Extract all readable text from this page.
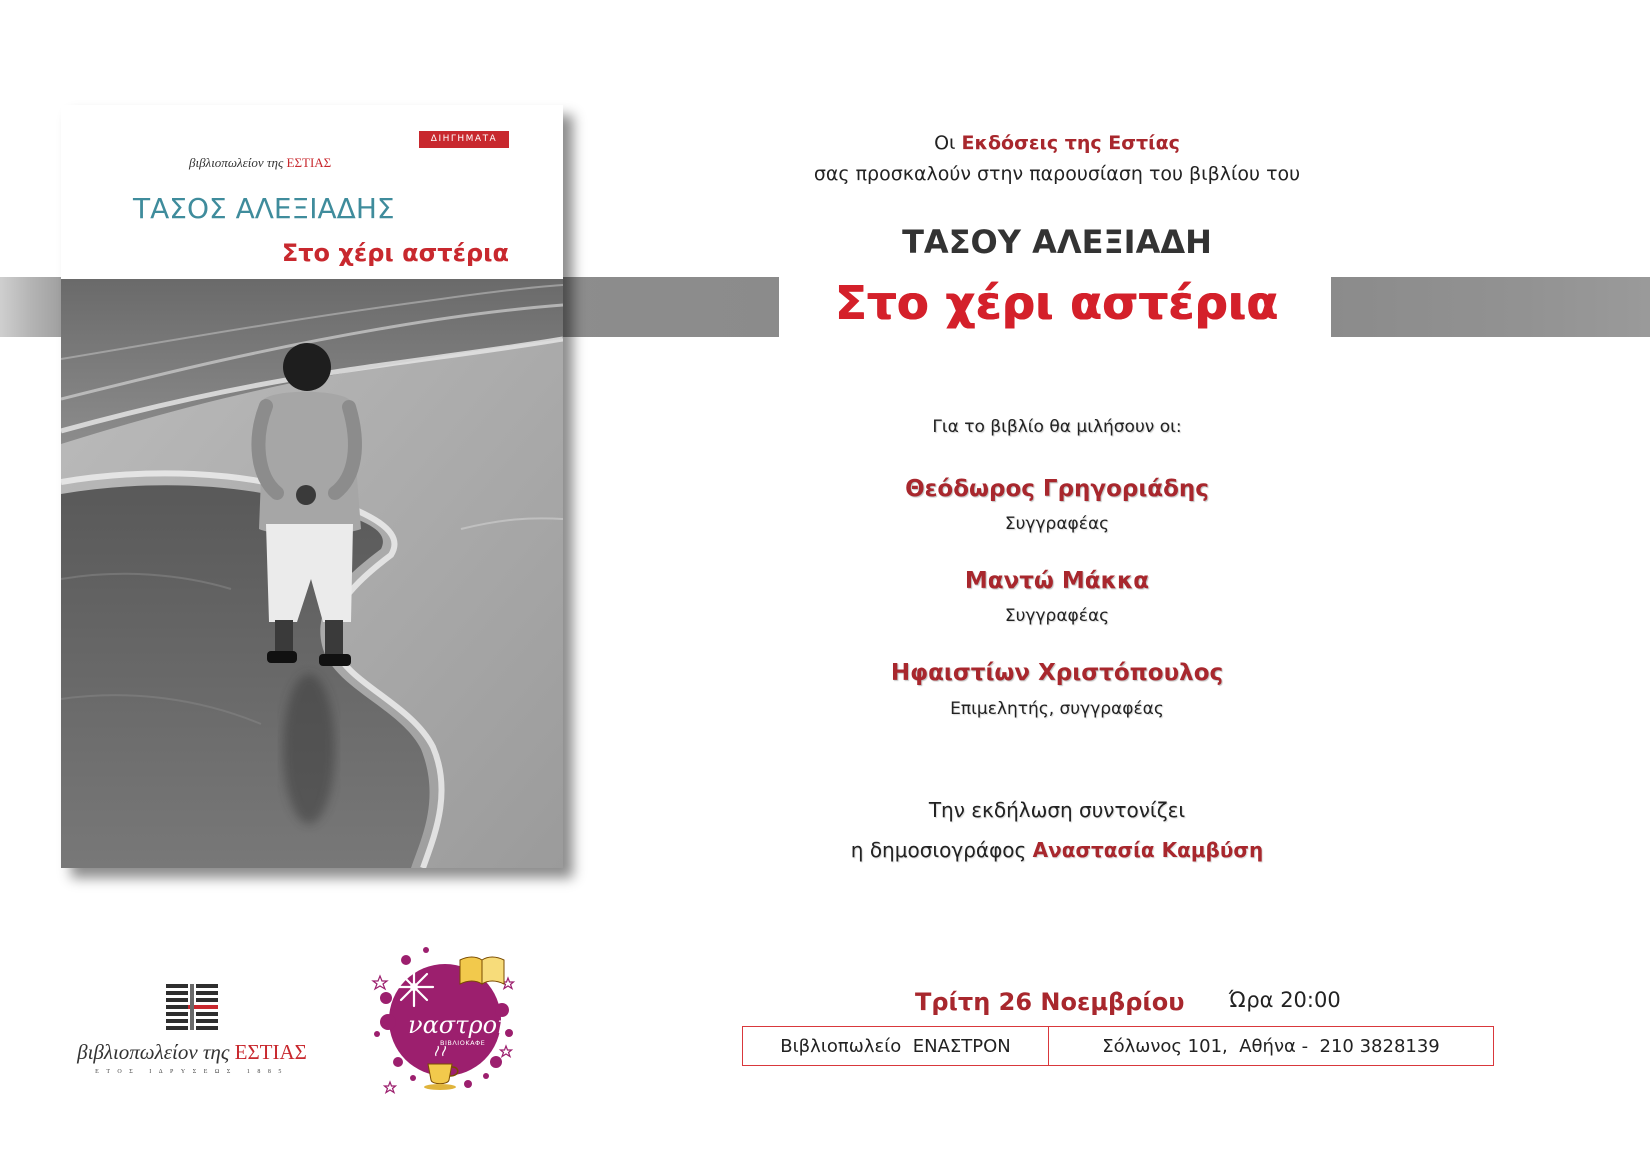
ΔΙΗΓΗΜΑΤΑ
βιβλιοπωλείον της ΕΣΤΙΑΣ
ΤΑΣΟΣ ΑΛΕΞΙΑΔΗΣ
Στο χέρι αστέρια
Οι Εκδόσεις της Εστίας
σας προσκαλούν στην παρουσίαση του βιβλίου του
ΤΑΣΟΥ ΑΛΕΞΙΑΔΗ
Στο χέρι αστέρια
Για το βιβλίο θα μιλήσουν οι:
Θεόδωρος Γρηγοριάδης
Συγγραφέας
Μαντώ Μάκκα
Συγγραφέας
Ηφαιστίων Χριστόπουλος
Επιμελητής, συγγραφέας
Την εκδήλωση συντονίζει
η δημοσιογράφος Αναστασία Καμβύση
Τρίτη 26 Νοεμβρίου Ώρα 20:00
Βιβλιοπωλείο  ΕΝΑΣΤΡΟΝ	Σόλωνος 101,  Αθήνα -  210 3828139
βιβλιοπωλείον της ΕΣΤΙΑΣ
ΕΤΟΣ ΙΔΡΥΣΕΩΣ 1885
ναστρον
ΒΙΒΛΙΟΚΑΦΕ
